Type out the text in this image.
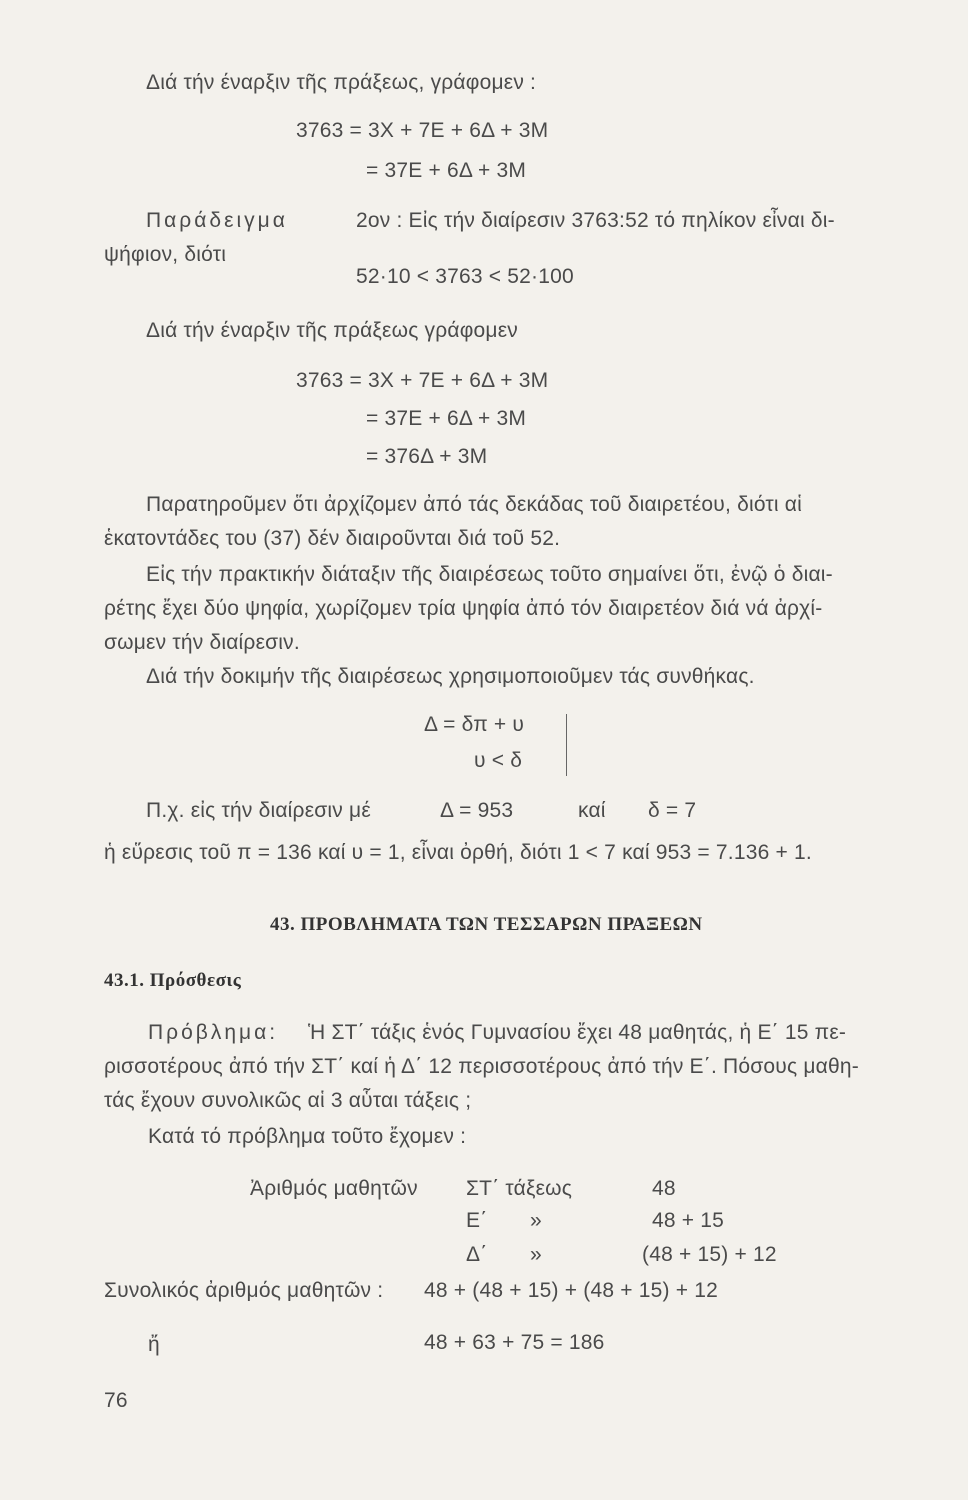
Διά τήν έναρξιν τῆς πράξεως, γράφομεν :
3763 = 3Χ + 7Ε + 6Δ + 3Μ
= 37Ε + 6Δ + 3Μ
Παράδειγμα	2ον : Εἰς τήν διαίρεσιν 3763:52 τό πηλίκον εἶναι δι-
ψήφιον, διότι
52·10 < 3763 < 52·100
Διά τήν έναρξιν τῆς πράξεως γράφομεν
3763 = 3Χ + 7Ε + 6Δ + 3Μ
= 37Ε + 6Δ + 3Μ
= 376Δ + 3Μ
Παρατηροῦμεν ὅτι ἀρχίζομεν ἀπό τάς δεκάδας τοῦ διαιρετέου, διότι αἱ
ἑκατοντάδες του (37) δέν διαιροῦνται διά τοῦ 52.
Εἰς τήν πρακτικήν διάταξιν τῆς διαιρέσεως τοῦτο σημαίνει ὅτι, ἐνῷ ὁ διαι-
ρέτης ἔχει δύο ψηφία, χωρίζομεν τρία ψηφία ἀπό τόν διαιρετέον διά νά ἀρχί-
σωμεν τήν διαίρεσιν.
Διά τήν δοκιμήν τῆς διαιρέσεως χρησιμοποιοῦμεν τάς συνθήκας.
Δ = δπ + υ
υ < δ
Π.χ. εἰς τήν διαίρεσιν μέ	Δ = 953	καί δ = 7
ἡ εὕρεσις τοῦ π = 136 καί υ = 1, εἶναι ὀρθή, διότι 1 < 7 καί 953 = 7.136 + 1.
43. ΠΡΟΒΛΗΜΑΤΑ ΤΩΝ ΤΕΣΣΑΡΩΝ ΠΡΑΞΕΩΝ
43.1. Πρόσθεσις
Πρόβλημα: Ἡ ΣΤ΄ τάξις ἑνός Γυμνασίου ἔχει 48 μαθητάς, ἡ Ε΄ 15 πε-
ρισσοτέρους ἀπό τήν ΣΤ΄ καί ἡ Δ΄ 12 περισσοτέρους ἀπό τήν Ε΄. Πόσους μαθη-
τάς ἔχουν συνολικῶς αἱ 3 αὗται τάξεις ;
Κατά τό πρόβλημα τοῦτο ἔχομεν :
Ἀριθμός μαθητῶν ΣΤ΄ τάξεως	48
Ε΄ »	48 + 15
Δ΄ »	(48 + 15) + 12
Συνολικός ἀριθμός μαθητῶν : 48 + (48 + 15) + (48 + 15) + 12
ἤ	48 + 63 + 75 = 186
76
